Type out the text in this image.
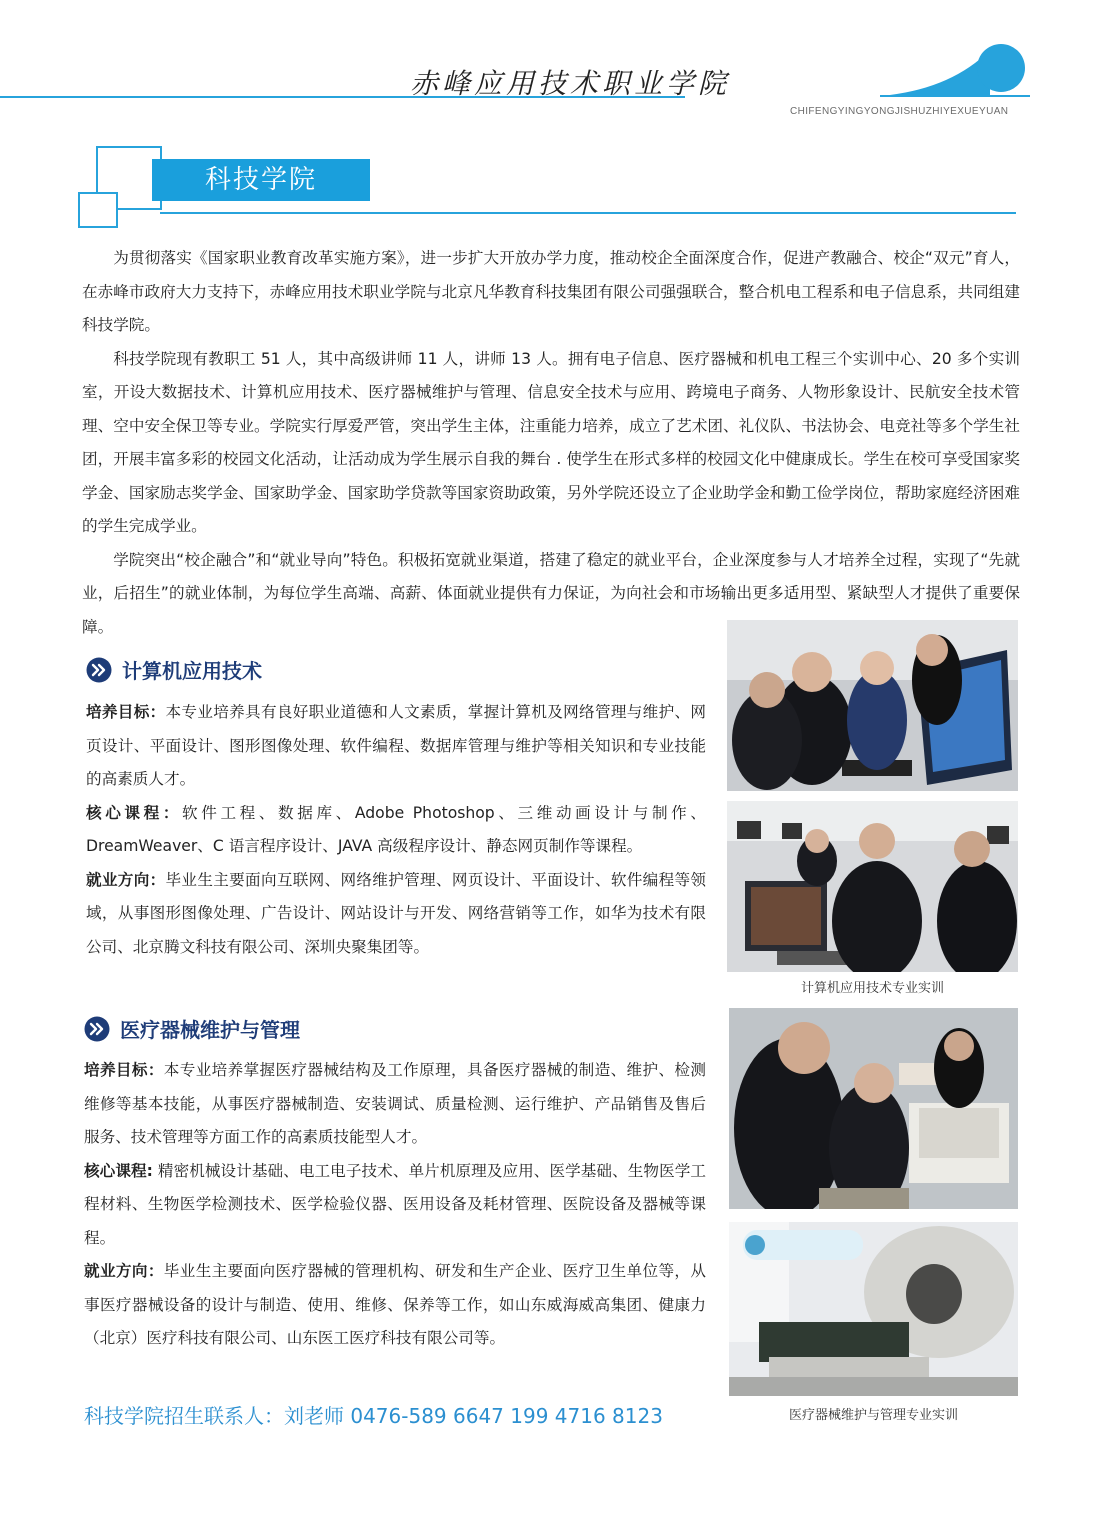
赤峰应用技术职业学院
CHIFENGYINGYONGJISHUZHIYEXUEYUAN
科技学院

为贯彻落实《国家职业教育改革实施方案》，进一步扩大开放办学力度，推动校企全面深度合作，促进产教融合、校企“双元”育人，在赤峰市政府大力支持下，赤峰应用技术职业学院与北京凡华教育科技集团有限公司强强联合，整合机电工程系和电子信息系，共同组建科技学院。

科技学院现有教职工 51 人，其中高级讲师 11 人，讲师 13 人。拥有电子信息、医疗器械和机电工程三个实训中心、20 多个实训室，开设大数据技术、计算机应用技术、医疗器械维护与管理、信息安全技术与应用、跨境电子商务、人物形象设计、民航安全技术管理、空中安全保卫等专业。学院实行厚爱严管，突出学生主体，注重能力培养，成立了艺术团、礼仪队、书法协会、电竞社等多个学生社团，开展丰富多彩的校园文化活动，让活动成为学生展示自我的舞台 . 使学生在形式多样的校园文化中健康成长。学生在校可享受国家奖学金、国家励志奖学金、国家助学金、国家助学贷款等国家资助政策，另外学院还设立了企业助学金和勤工俭学岗位，帮助家庭经济困难的学生完成学业。

学院突出“校企融合”和“就业导向”特色。积极拓宽就业渠道，搭建了稳定的就业平台，企业深度参与人才培养全过程，实现了“先就业，后招生”的就业体制，为每位学生高端、高薪、体面就业提供有力保证，为向社会和市场输出更多适用型、紧缺型人才提供了重要保障。

计算机应用技术

培养目标：本专业培养具有良好职业道德和人文素质，掌握计算机及网络管理与维护、网页设计、平面设计、图形图像处理、软件编程、数据库管理与维护等相关知识和专业技能的高素质人才。

核心课程：软件工程、数据库、Adobe Photoshop、三维动画设计与制作、DreamWeaver、C 语言程序设计、JAVA 高级程序设计、静态网页制作等课程。

就业方向：毕业生主要面向互联网、网络维护管理、网页设计、平面设计、软件编程等领域，从事图形图像处理、广告设计、网站设计与开发、网络营销等工作，如华为技术有限公司、北京腾文科技有限公司、深圳央聚集团等。

计算机应用技术专业实训
医疗器械维护与管理

培养目标：本专业培养掌握医疗器械结构及工作原理，具备医疗器械的制造、维护、检测维修等基本技能，从事医疗器械制造、安装调试、质量检测、运行维护、产品销售及售后服务、技术管理等方面工作的高素质技能型人才。

核心课程: 精密机械设计基础、电工电子技术、单片机原理及应用、医学基础、生物医学工程材料、生物医学检测技术、医学检验仪器、医用设备及耗材管理、医院设备及器械等课程。

就业方向：毕业生主要面向医疗器械的管理机构、研发和生产企业、医疗卫生单位等，从事医疗器械设备的设计与制造、使用、维修、保养等工作，如山东威海威高集团、健康力（北京）医疗科技有限公司、山东医工医疗科技有限公司等。

医疗器械维护与管理专业实训
科技学院招生联系人：刘老师 0476-589 6647 199 4716 8123
